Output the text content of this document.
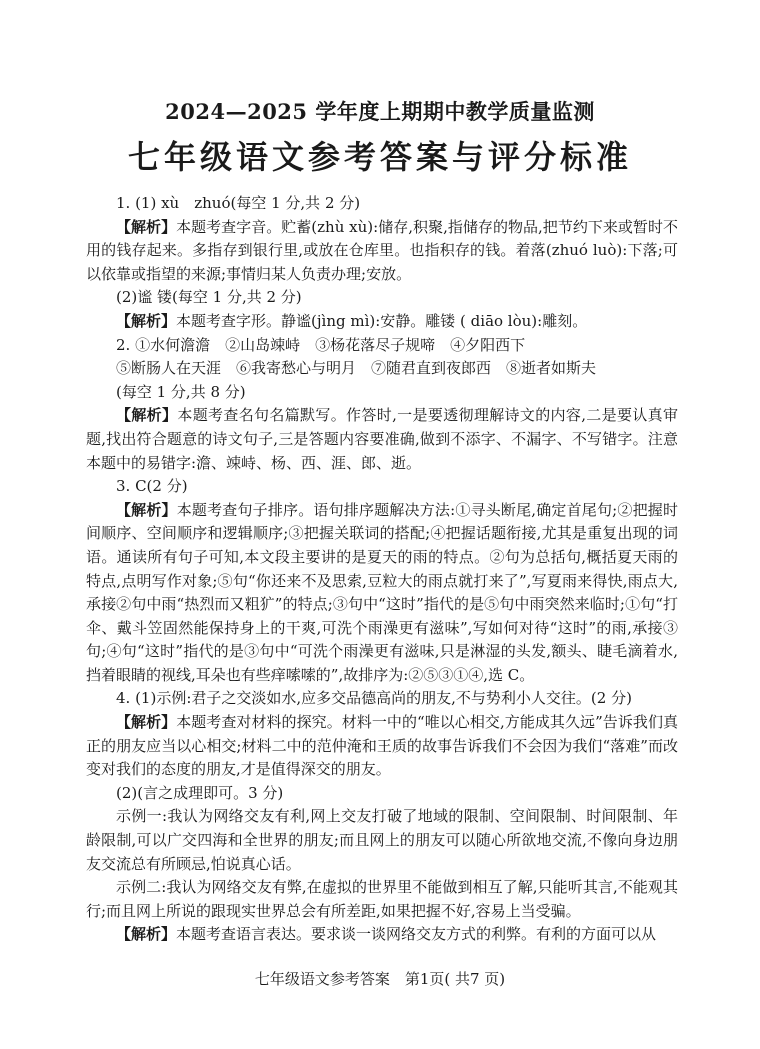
2024—2025 学年度上期期中教学质量监测
七年级语文参考答案与评分标准

1. (1) xù　zhuó(每空 1 分,共 2 分)

【解析】本题考查字音。贮蓄(zhù xù):储存,积聚,指储存的物品,把节约下来或暂时不用的钱存起来。多指存到银行里,或放在仓库里。也指积存的钱。着落(zhuó luò):下落;可以依靠或指望的来源;事情归某人负责办理;安放。

(2)谧 镂(每空 1 分,共 2 分)

【解析】本题考查字形。静谧(jìng mì):安静。雕镂 ( diāo lòu):雕刻。

2. ①水何澹澹　②山岛竦峙　③杨花落尽子规啼　④夕阳西下

⑤断肠人在天涯　⑥我寄愁心与明月　⑦随君直到夜郎西　⑧逝者如斯夫

(每空 1 分,共 8 分)

【解析】本题考查名句名篇默写。作答时,一是要透彻理解诗文的内容,二是要认真审题,找出符合题意的诗文句子,三是答题内容要准确,做到不添字、不漏字、不写错字。注意本题中的易错字:澹、竦峙、杨、西、涯、郎、逝。

3. C(2 分)

【解析】本题考查句子排序。语句排序题解决方法:①寻头断尾,确定首尾句;②把握时间顺序、空间顺序和逻辑顺序;③把握关联词的搭配;④把握话题衔接,尤其是重复出现的词语。通读所有句子可知,本文段主要讲的是夏天的雨的特点。②句为总括句,概括夏天雨的特点,点明写作对象;⑤句“你还来不及思索,豆粒大的雨点就打来了”,写夏雨来得快,雨点大,承接②句中雨“热烈而又粗犷”的特点;③句中“这时”指代的是⑤句中雨突然来临时;①句“打伞、戴斗笠固然能保持身上的干爽,可洗个雨澡更有滋味”,写如何对待“这时”的雨,承接③句;④句“这时”指代的是③句中“可洗个雨澡更有滋味,只是淋湿的头发,额头、睫毛滴着水,挡着眼睛的视线,耳朵也有些痒嗦嗦的”,故排序为:②⑤③①④,选 C。

4. (1)示例:君子之交淡如水,应多交品德高尚的朋友,不与势利小人交往。(2 分)

【解析】本题考查对材料的探究。材料一中的“唯以心相交,方能成其久远”告诉我们真正的朋友应当以心相交;材料二中的范仲淹和王质的故事告诉我们不会因为我们“落难”而改变对我们的态度的朋友,才是值得深交的朋友。

(2)(言之成理即可。3 分)

示例一:我认为网络交友有利,网上交友打破了地域的限制、空间限制、时间限制、年龄限制,可以广交四海和全世界的朋友;而且网上的朋友可以随心所欲地交流,不像向身边朋友交流总有所顾忌,怕说真心话。

示例二:我认为网络交友有弊,在虚拟的世界里不能做到相互了解,只能听其言,不能观其行;而且网上所说的跟现实世界总会有所差距,如果把握不好,容易上当受骗。

【解析】本题考查语言表达。要求谈一谈网络交友方式的利弊。有利的方面可以从

七年级语文参考答案　第1页( 共7 页)
